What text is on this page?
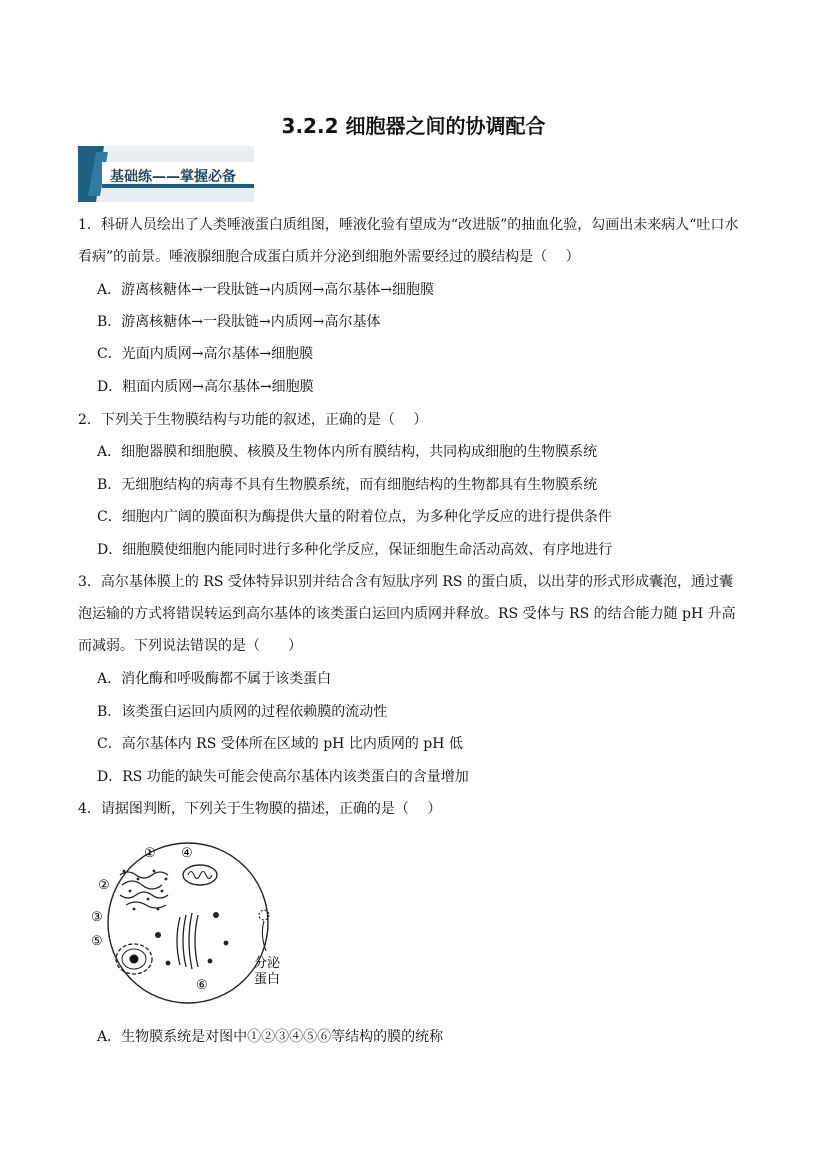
3.2.2 细胞器之间的协调配合
基础练——掌握必备
1．科研人员绘出了人类唾液蛋白质组图，唾液化验有望成为“改进版”的抽血化验，勾画出未来病人“吐口水
看病”的前景。唾液腺细胞合成蛋白质并分泌到细胞外需要经过的膜结构是（　 ）
A．游离核糖体→一段肽链→内质网→高尔基体→细胞膜
B．游离核糖体→一段肽链→内质网→高尔基体
C．光面内质网→高尔基体→细胞膜
D．粗面内质网→高尔基体→细胞膜
2．下列关于生物膜结构与功能的叙述，正确的是（　 ）
A．细胞器膜和细胞膜、核膜及生物体内所有膜结构，共同构成细胞的生物膜系统
B．无细胞结构的病毒不具有生物膜系统，而有细胞结构的生物都具有生物膜系统
C．细胞内广阔的膜面积为酶提供大量的附着位点，为多种化学反应的进行提供条件
D．细胞膜使细胞内能同时进行多种化学反应，保证细胞生命活动高效、有序地进行
3．高尔基体膜上的 RS 受体特异识别并结合含有短肽序列 RS 的蛋白质，以出芽的形式形成囊泡，通过囊
泡运输的方式将错误转运到高尔基体的该类蛋白运回内质网并释放。RS 受体与 RS 的结合能力随 pH 升高
而减弱。下列说法错误的是（　　）
A．消化酶和呼吸酶都不属于该类蛋白
B．该类蛋白运回内质网的过程依赖膜的流动性
C．高尔基体内 RS 受体所在区域的 pH 比内质网的 pH 低
D．RS 功能的缺失可能会使高尔基体内该类蛋白的含量增加
4．请据图判断，下列关于生物膜的描述，正确的是（　 ）
① ④
②
③
⑤
⑥
分泌
蛋白
A．生物膜系统是对图中①②③④⑤⑥等结构的膜的统称
